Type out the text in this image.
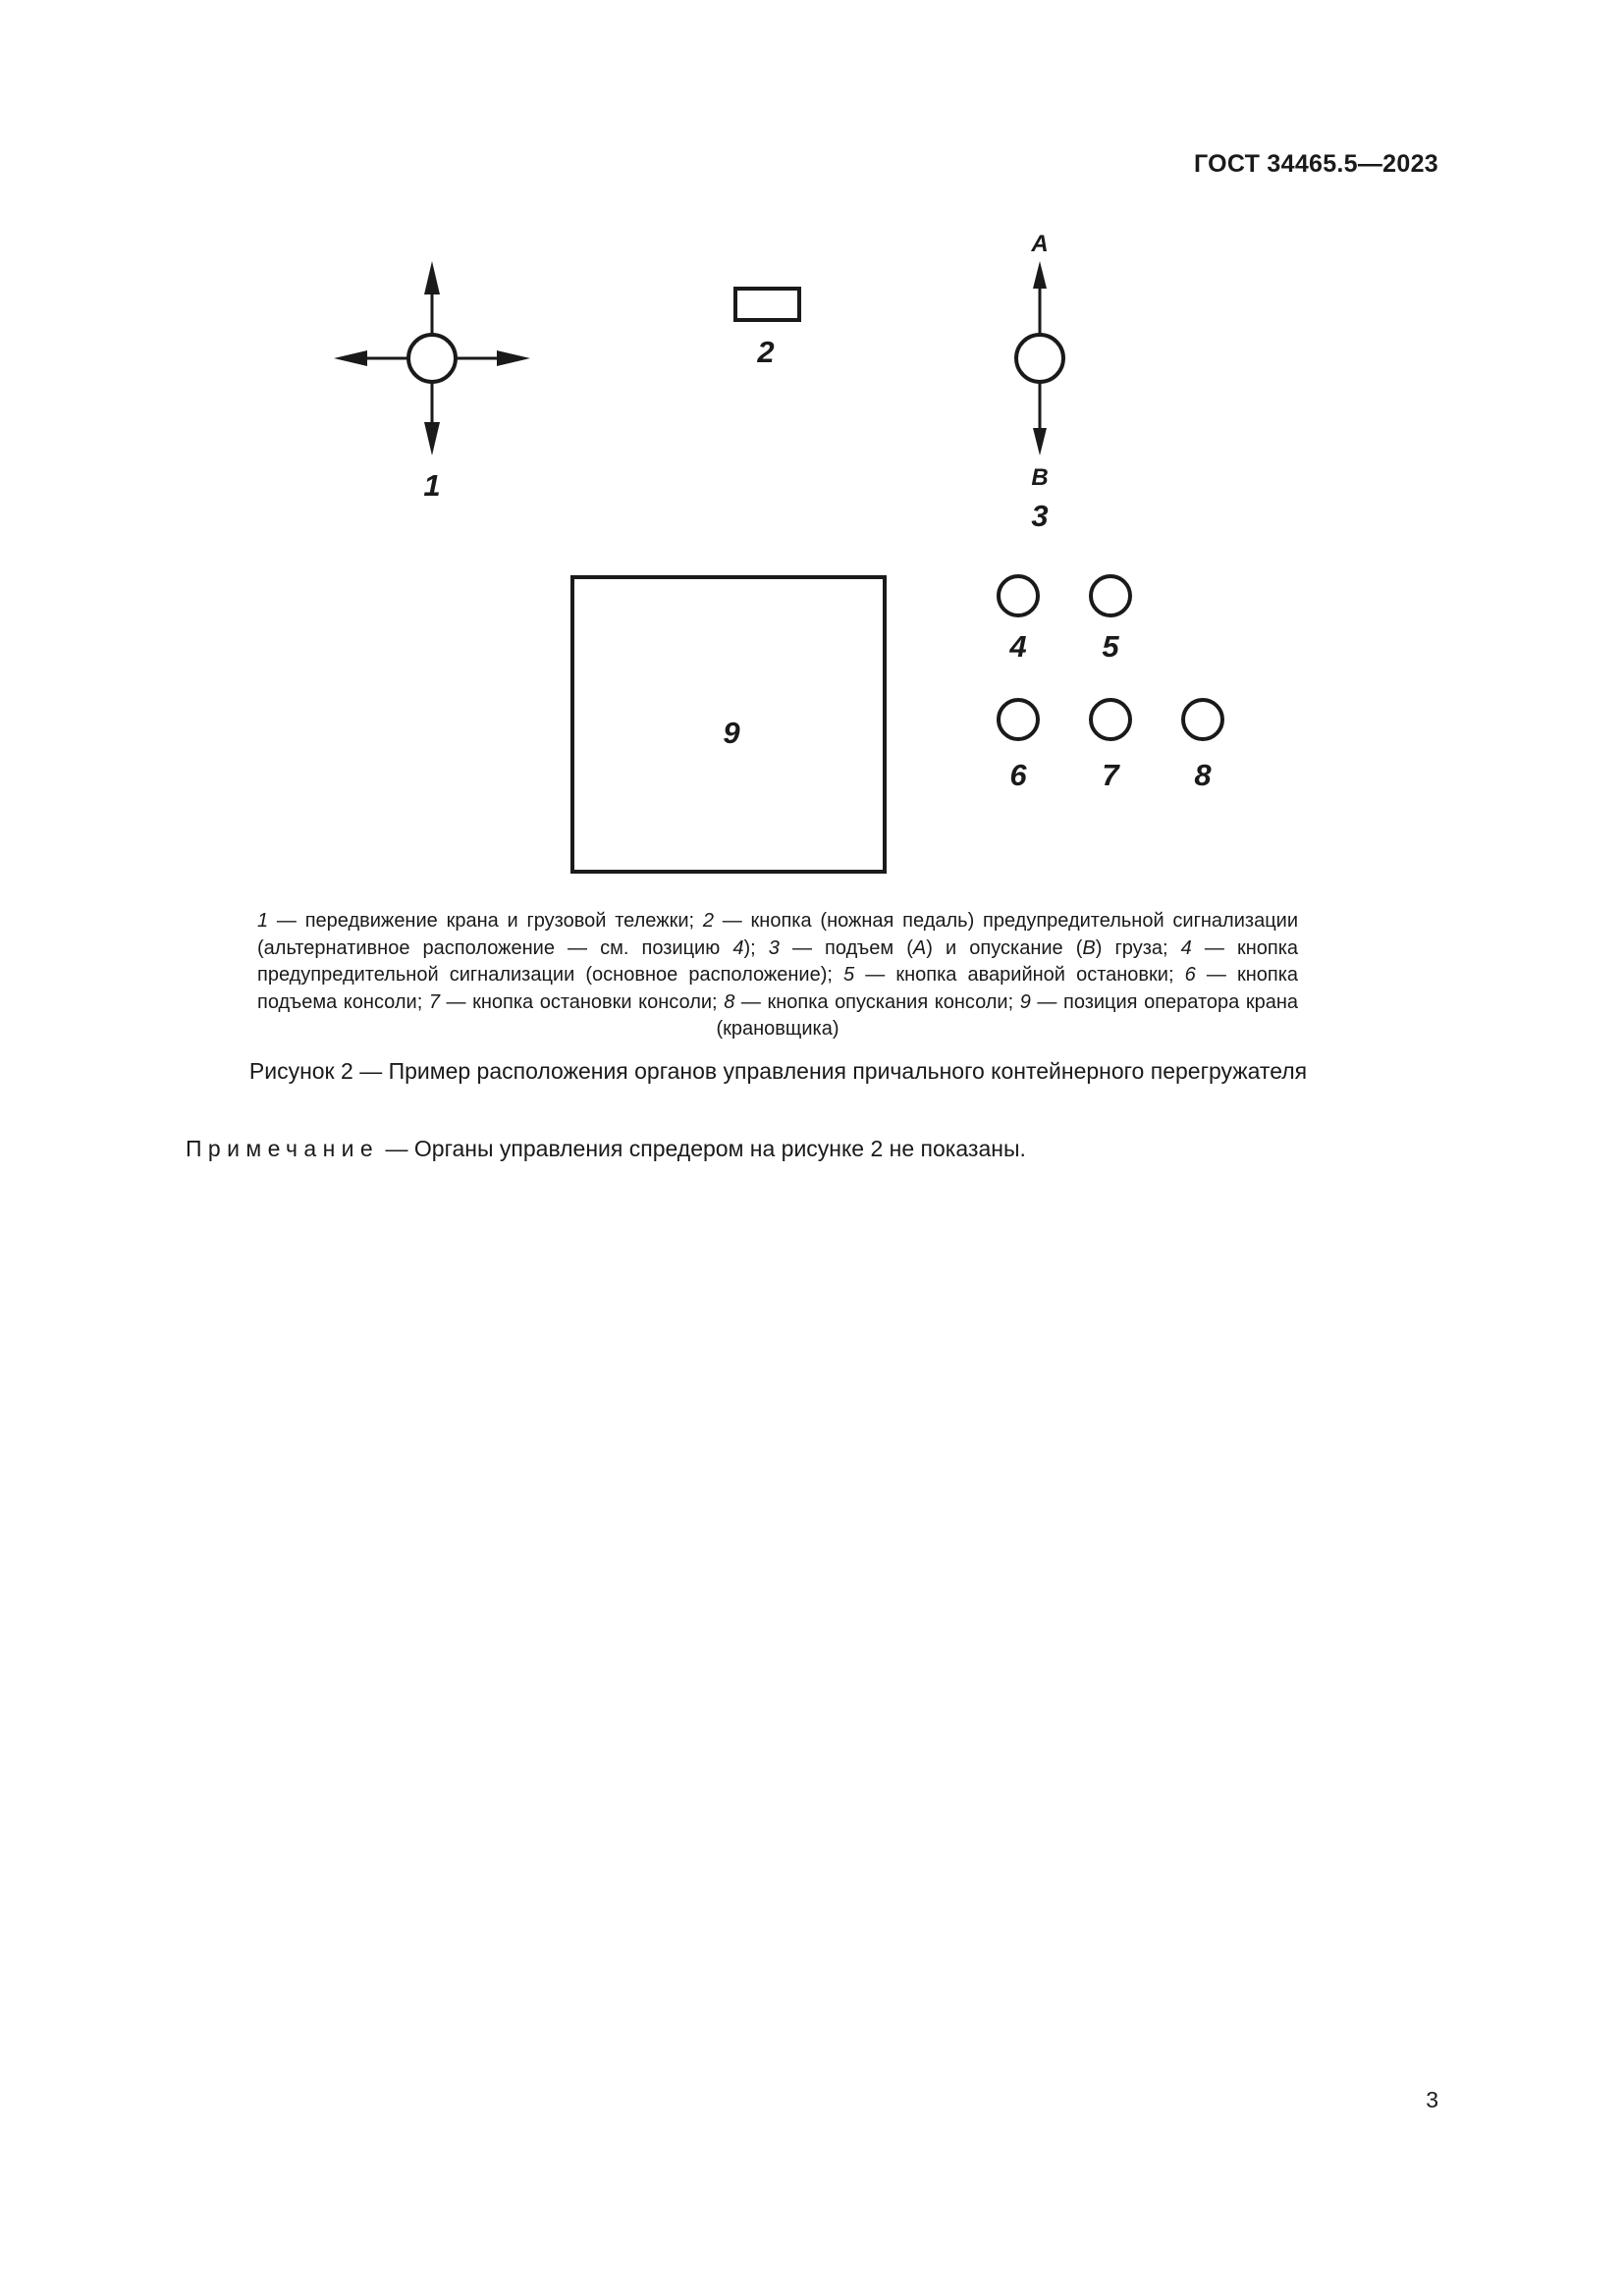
ГОСТ 34465.5—2023
1
2
A
B
3
9
4 5
6 7 8
1 — передвижение крана и грузовой тележки; 2 — кнопка (ножная педаль) предупредительной сигнализации (альтернативное расположение — см. позицию 4); 3 — подъем (A) и опускание (B) груза; 4 — кнопка предупредительной сигнализации (основное расположение); 5 — кнопка аварийной остановки; 6 — кнопка подъема консоли; 7 — кнопка остановки консоли; 8 — кнопка опускания консоли; 9 — позиция оператора крана (крановщика)
Рисунок 2 — Пример расположения органов управления причального контейнерного перегружателя
Примечание — Органы управления спредером на рисунке 2 не показаны.
3
